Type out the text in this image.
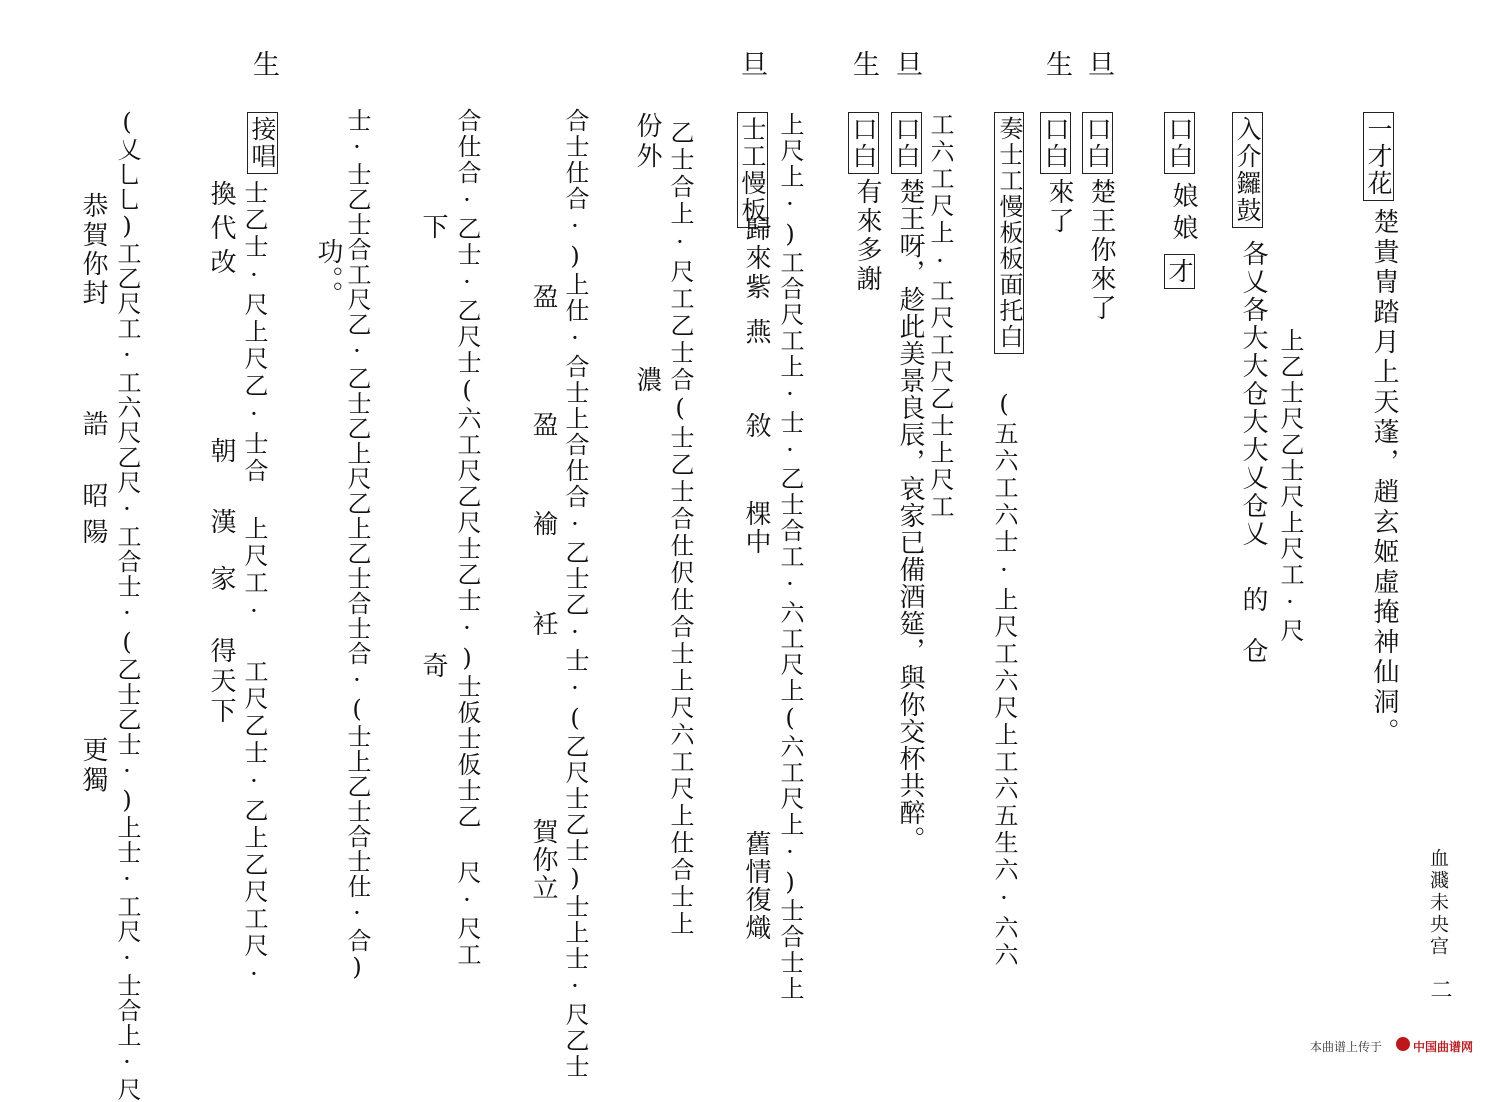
旦
生
旦
生
旦
生
一才花
楚貴冑踏月上天蓬，趙玄姬虛掩神仙洞。
入介鑼鼓
各乂各大大仓大大乂仓乂
的
仓
上乙士尺乙士尺上尺工·尺
口白
娘娘
才
口白
楚王你來了
口白
來了
奏士工慢板板面托白
(五六工六士·上尺工六尺上工六五生六·六六
工六工尺上·工尺工尺乙士上尺工
口白
楚王呀，趁此美景良辰，哀家已備酒筵，與你交杯共醉。
口白
有來多謝
上尺上·)工合尺工上·士·乙士合工·六工尺上(六工尺上·)士合士上
士工慢板
歸來紫
燕
敘
棵中
舊情復熾
乙士合上·尺工乙士合(士乙士合仕伬仕合士上尺六工尺上仕合士上
份外
濃
合士仕合·)上仕·合士上合仕合·乙士乙·士·(乙尺士乙士)士上士·尺乙士
盈
盈
褕
衽
賀你立
合仕合·乙士·乙尺士(六工尺乙尺士乙士·)士仮士仮士乙 尺·尺工
下
奇
士·士乙士合工尺乙·乙士乙上尺乙上乙士合士合·(士上乙士合士仕·合)
功。。
接唱
士乙士·尺上尺乙·士合 上尺工· 工尺乙士·乙上乙尺工尺·
換代改
朝
漢
家
得天下
(乂乚乚)工乙尺工·工六尺乙尺·工合士·(乙士乙士·)上士·工尺·士合上·尺
恭賀你封
誥
昭陽
更獨
血濺未央宫
二
本曲谱上传于	中国曲谱网
